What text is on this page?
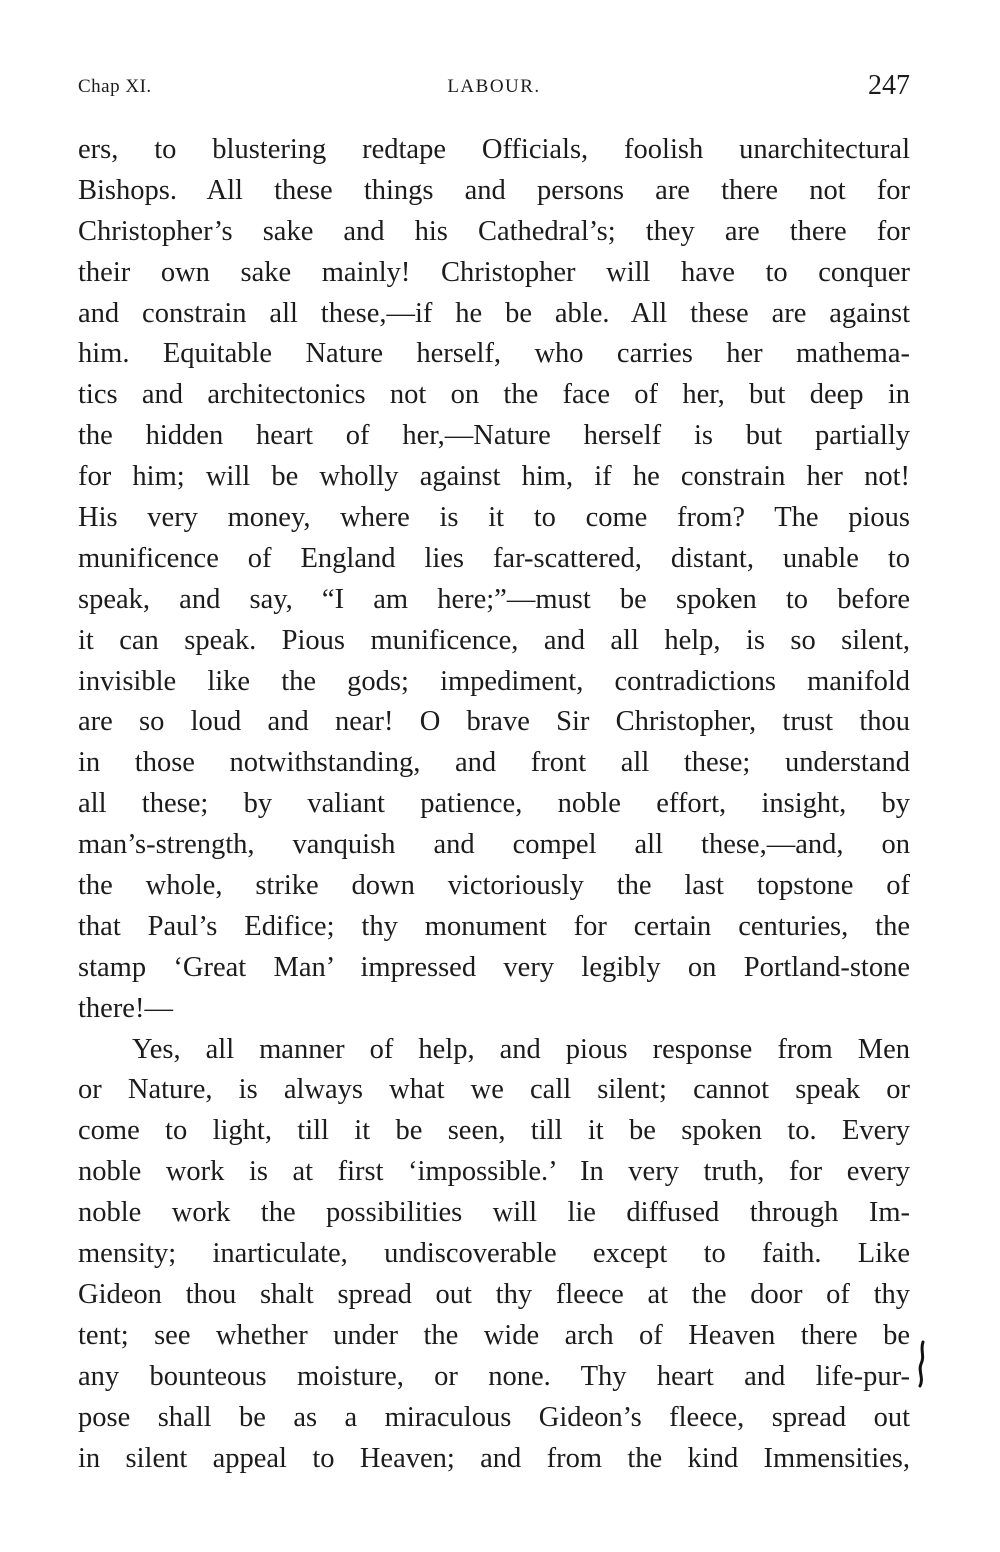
Chap XI.	LABOUR.	247
ers, to blustering redtape Officials, foolish unarchitectural
Bishops. All these things and persons are there not for
Christopher’s sake and his Cathedral’s; they are there for
their own sake mainly! Christopher will have to conquer
and constrain all these,—if he be able. All these are against
him. Equitable Nature herself, who carries her mathema-
tics and architectonics not on the face of her, but deep in
the hidden heart of her,—Nature herself is but partially
for him; will be wholly against him, if he constrain her not!
His very money, where is it to come from? The pious
munificence of England lies far-scattered, distant, unable to
speak, and say, “I am here;”—must be spoken to before
it can speak. Pious munificence, and all help, is so silent,
invisible like the gods; impediment, contradictions manifold
are so loud and near! O brave Sir Christopher, trust thou
in those notwithstanding, and front all these; understand
all these; by valiant patience, noble effort, insight, by
man’s-strength, vanquish and compel all these,—and, on
the whole, strike down victoriously the last topstone of
that Paul’s Edifice; thy monument for certain centuries, the
stamp ‘Great Man’ impressed very legibly on Portland-stone
there!—
Yes, all manner of help, and pious response from Men
or Nature, is always what we call silent; cannot speak or
come to light, till it be seen, till it be spoken to. Every
noble work is at first ‘impossible.’ In very truth, for every
noble work the possibilities will lie diffused through Im-
mensity; inarticulate, undiscoverable except to faith. Like
Gideon thou shalt spread out thy fleece at the door of thy
tent; see whether under the wide arch of Heaven there be
any bounteous moisture, or none. Thy heart and life-pur-
pose shall be as a miraculous Gideon’s fleece, spread out
in silent appeal to Heaven; and from the kind Immensities,
